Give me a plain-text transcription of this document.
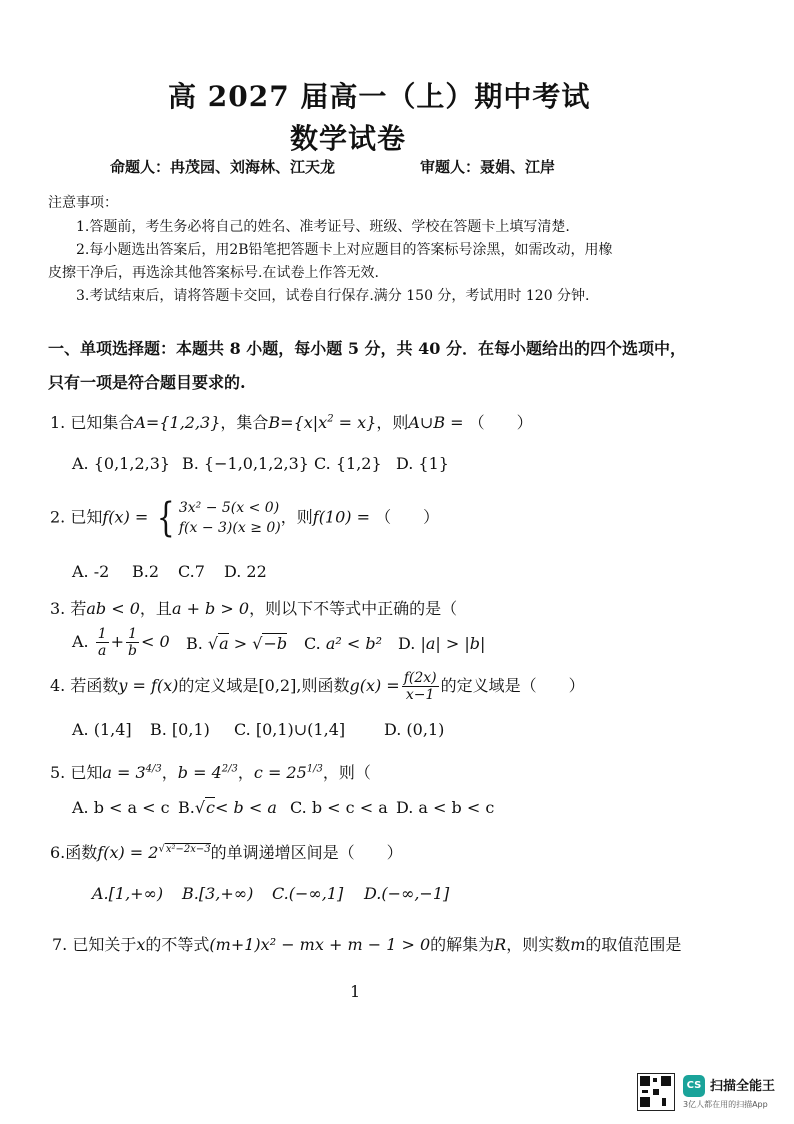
高 2027 届高一（上）期中考试
数学试卷
命题人：冉茂园、刘海林、江天龙	审题人：聂娟、江岸
注意事项：
1.答题前，考生务必将自己的姓名、准考证号、班级、学校在答题卡上填写清楚.
2.每小题选出答案后，用2B铅笔把答题卡上对应题目的答案标号涂黑，如需改动，用橡
皮擦干净后，再选涂其他答案标号.在试卷上作答无效.
3.考试结束后，请将答题卡交回，试卷自行保存.满分 150 分，考试用时 120 分钟.
一、单项选择题：本题共 8 小题，每小题 5 分，共 40 分．在每小题给出的四个选项中，
只有一项是符合题目要求的.
1. 已知集合A={1,2,3}，集合$B=\{x|x^2 = x\}$，则A∪B = （　　）
A. {0,1,2,3} B. {−1,0,1,2,3} C. {1,2} D. {1}
2. 已知f(x) = { 3x² − 5(x < 0)
f(x − 3)(x ≥ 0)
，则f(10) = （　　）
A. -2 B.2 C.7 D. 22
3. 若ab < 0，且a + b > 0，则以下不等式中正确的是（
A. $\frac{1}{a} + \frac{1}{b} < 0$ B. √a > √−b C. a² < b² D. |a| > |b|
4. 若函数y = f(x)的定义域是[0,2],则函数$g(x) = \frac{f(2x)}{x-1}$ 的定义域是（　　）
A. (1,4] B. [0,1) C. [0,1)∪(1,4] D. (0,1)
5. 已知$a = 3^{4/3}$，$b = 4^{2/3}$，$c = 25^{1/3}$，则（
A. b < a < c B.√c< b < a C. b < c < a D. a < b < c
6.函数$f(x) = 2^{√x^2-2x-3}$的单调递增区间是（　　）
A.[1,+∞) B.[3,+∞) C.(−∞,1] D.(−∞,−1]
7. 已知关于x的不等式(m+1)x² − mx + m − 1 > 0的解集为R，则实数m的取值范围是
1
CS 扫描全能王
3亿人都在用的扫描App
